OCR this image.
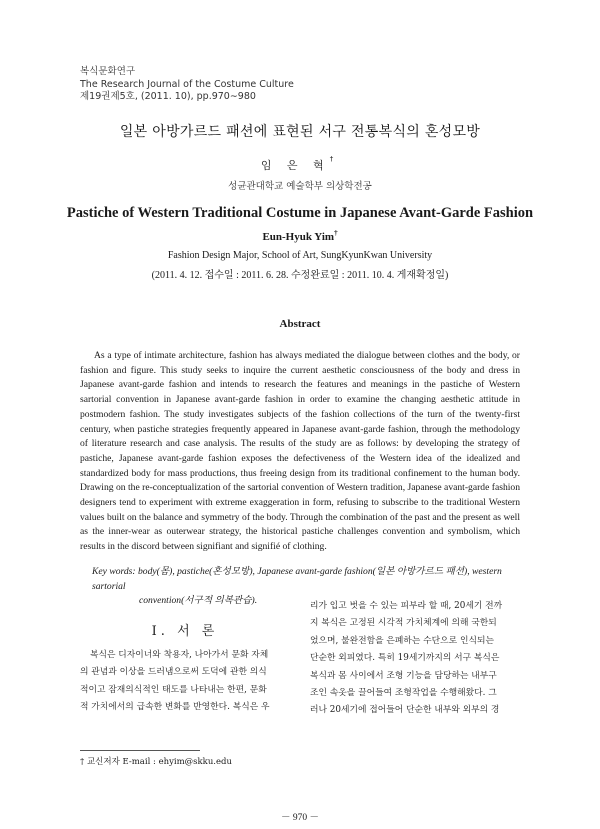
복식문화연구
The Research Journal of the Costume Culture
제19권제5호, (2011. 10), pp.970∼980
일본 아방가르드 패션에 표현된 서구 전통복식의 혼성모방
임 은 혁†
성균관대학교 예술학부 의상학전공
Pastiche of Western Traditional Costume in Japanese Avant-Garde Fashion
Eun-Hyuk Yim†
Fashion Design Major, School of Art, SungKyunKwan University
(2011. 4. 12. 접수일 : 2011. 6. 28. 수정완료일 : 2011. 10. 4. 게재확정일)
Abstract

As a type of intimate architecture, fashion has always mediated the dialogue between clothes and the body, or fashion and figure. This study seeks to inquire the current aesthetic consciousness of the body and dress in Japanese avant-garde fashion and intends to research the features and meanings in the pastiche of Western sartorial convention in Japanese avant-garde fashion in order to examine the changing aesthetic attitude in postmodern fashion. The study investigates subjects of the fashion collections of the turn of the twenty-first century, when pastiche strategies frequently appeared in Japanese avant-garde fashion, through the methodology of literature research and case analysis. The results of the study are as follows: by developing the strategy of pastiche, Japanese avant-garde fashion exposes the defectiveness of the Western idea of the idealized and standardized body for mass productions, thus freeing design from its traditional confinement to the human body. Drawing on the re-conceptualization of the sartorial convention of Western tradition, Japanese avant-garde fashion designers tend to experiment with extreme exaggeration in form, refusing to subscribe to the traditional Western values built on the balance and symmetry of the body. Through the combination of the past and the present as well as the inner-wear as outerwear strategy, the historical pastiche challenges convention and symbolism, which results in the discord between signifiant and signifié of clothing.

Key words: body(몸), pastiche(혼성모방), Japanese avant-garde fashion(일본 아방가르드 패션), western sartorial
convention(서구적 의복관습).
Ⅰ. 서 론
복식은 디자이너와 착용자, 나아가서 문화 자체
의 관념과 이상을 드러냄으로써 도덕에 관한 의식
적이고 잠재의식적인 태도를 나타내는 한편, 문화
적 가치에서의 급속한 변화를 반영한다. 복식은 우
리가 입고 벗을 수 있는 피부라 할 때, 20세기 전까
지 복식은 고정된 시각적 가치체계에 의해 국한되
었으며, 불완전함을 은폐하는 수단으로 인식되는
단순한 외피였다. 특히 19세기까지의 서구 복식은
복식과 몸 사이에서 조형 기능을 담당하는 내부구
조인 속옷을 끌어들여 조형작업을 수행해왔다. 그
러나 20세기에 접어들어 단순한 내부와 외부의 경
† 교신저자 E-mail : ehyim@skku.edu
－ 970 －
